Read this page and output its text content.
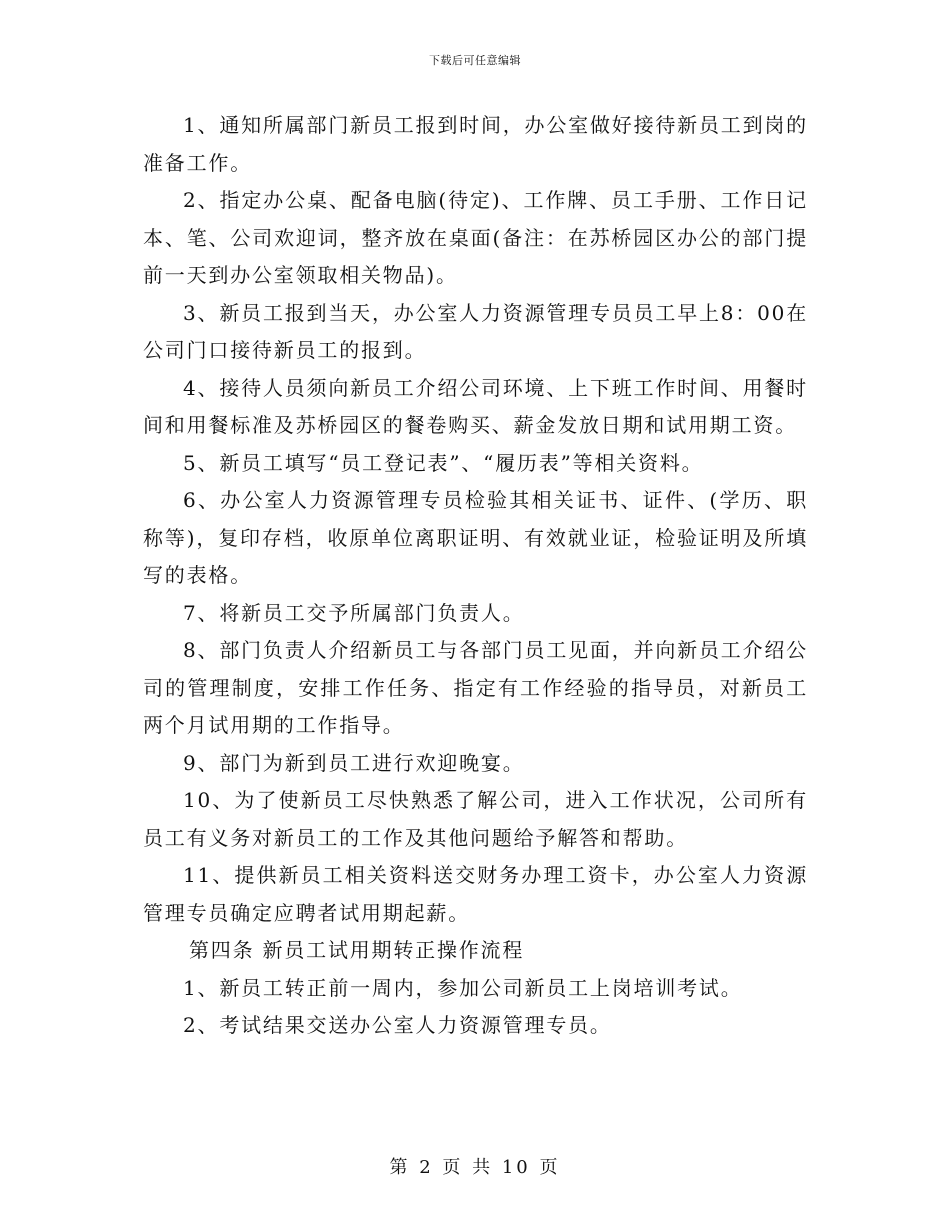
下载后可任意编辑

1、通知所属部门新员工报到时间，办公室做好接待新员工到岗的准备工作。

2、指定办公桌、配备电脑(待定)、工作牌、员工手册、工作日记本、笔、公司欢迎词，整齐放在桌面(备注：在苏桥园区办公的部门提前一天到办公室领取相关物品)。

3、新员工报到当天，办公室人力资源管理专员员工早上8：00在公司门口接待新员工的报到。

4、接待人员须向新员工介绍公司环境、上下班工作时间、用餐时间和用餐标准及苏桥园区的餐卷购买、薪金发放日期和试用期工资。

5、新员工填写“员工登记表”、“履历表”等相关资料。

6、办公室人力资源管理专员检验其相关证书、证件、(学历、职称等)，复印存档，收原单位离职证明、有效就业证，检验证明及所填写的表格。

7、将新员工交予所属部门负责人。

8、部门负责人介绍新员工与各部门员工见面，并向新员工介绍公司的管理制度，安排工作任务、指定有工作经验的指导员，对新员工两个月试用期的工作指导。

9、部门为新到员工进行欢迎晚宴。

10、为了使新员工尽快熟悉了解公司，进入工作状况，公司所有员工有义务对新员工的工作及其他问题给予解答和帮助。

11、提供新员工相关资料送交财务办理工资卡，办公室人力资源管理专员确定应聘者试用期起薪。

第四条 新员工试用期转正操作流程

1、新员工转正前一周内，参加公司新员工上岗培训考试。

2、考试结果交送办公室人力资源管理专员。

第 2 页 共 10 页
